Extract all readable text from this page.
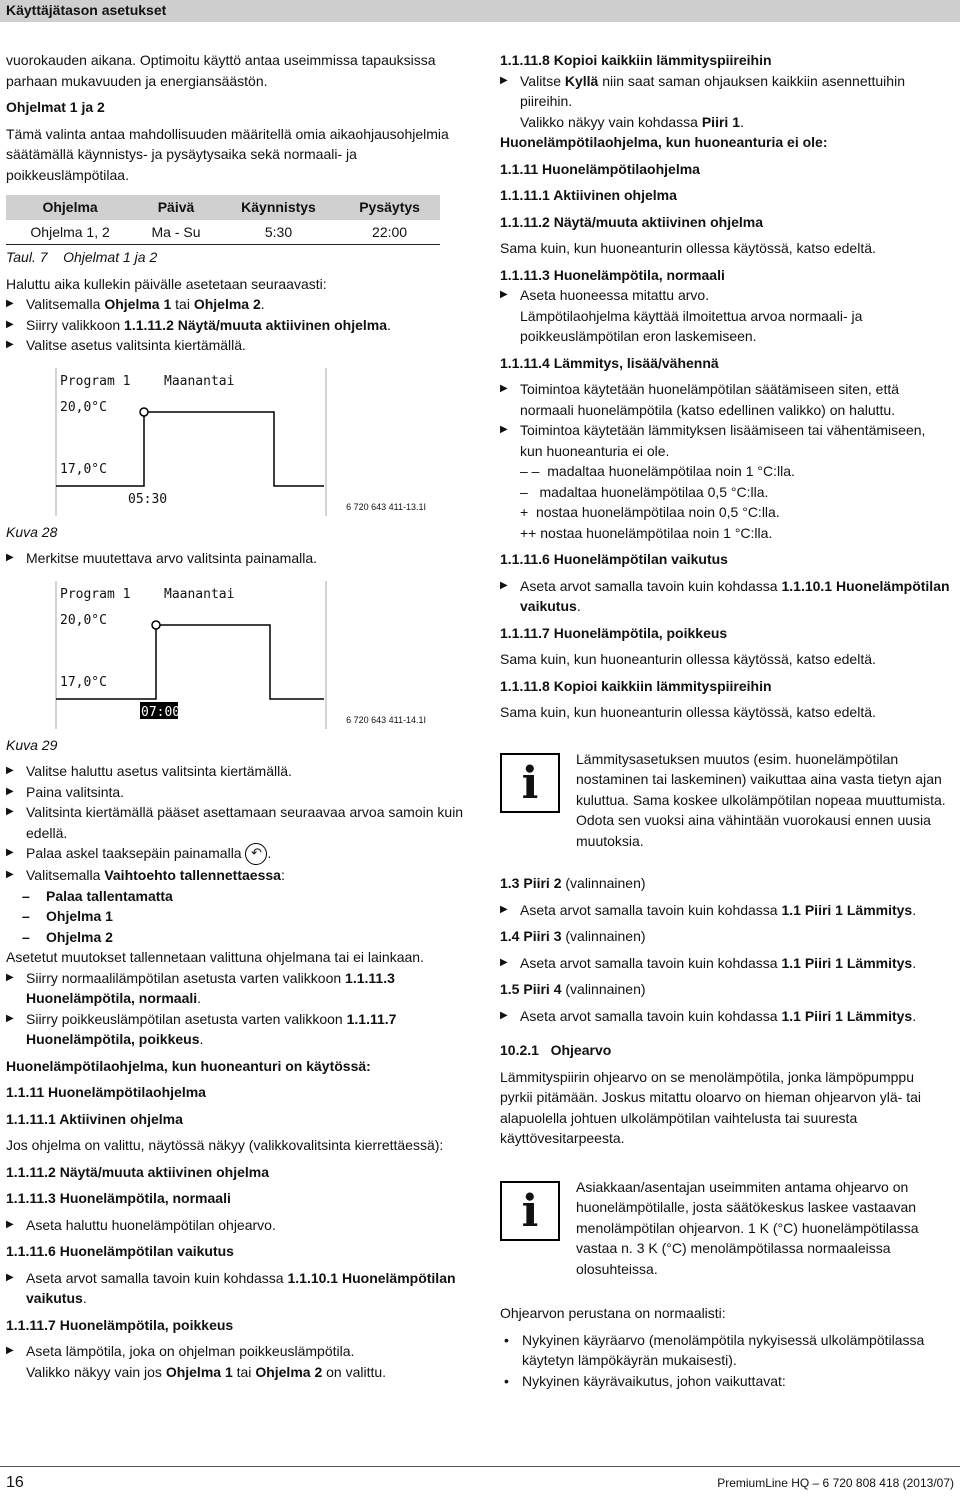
Käyttäjätason asetukset

vuorokauden aikana. Optimoitu käyttö antaa useimmissa tapauksissa parhaan mukavuuden ja energiansäästön.

Ohjelmat 1 ja 2

Tämä valinta antaa mahdollisuuden määritellä omia aikaohjausohjelmia säätämällä käynnistys- ja pysäytysaika sekä normaali- ja poikkeuslämpötilaa.

Ohjelma	Päivä	Käynnistys	Pysäytys
Ohjelma 1, 2	Ma - Su	5:30	22:00

Taul. 7    Ohjelmat 1 ja 2

Haluttu aika kullekin päivälle asetetaan seuraavasti:

▶ Valitsemalla Ohjelma 1 tai Ohjelma 2.

▶ Siirry valikkoon 1.1.11.2 Näytä/muuta aktiivinen ohjelma.

▶ Valitse asetus valitsinta kiertämällä.

Program 1	Maanantai
20,0°C
17,0°C
05:30
6 720 643 411-13.1I

Kuva 28

▶ Merkitse muutettava arvo valitsinta painamalla.

Program 1	Maanantai
20,0°C
17,0°C
07:00
6 720 643 411-14.1I

Kuva 29

▶ Valitse haluttu asetus valitsinta kiertämällä.

▶ Paina valitsinta.

▶ Valitsinta kiertämällä pääset asettamaan seuraavaa arvoa samoin kuin edellä.

▶ Palaa askel taaksepäin painamalla ↶ .

▶ Valitsemalla Vaihtoehto tallennettaessa:

– Palaa tallentamatta

– Ohjelma 1

– Ohjelma 2

Asetetut muutokset tallennetaan valittuna ohjelmana tai ei lainkaan.

▶ Siirry normaalilämpötilan asetusta varten valikkoon 1.1.11.3 Huonelämpötila, normaali.

▶ Siirry poikkeuslämpötilan asetusta varten valikkoon 1.1.11.7 Huonelämpötila, poikkeus.

Huonelämpötilaohjelma, kun huoneanturi on käytössä:

1.1.11 Huonelämpötilaohjelma

1.1.11.1 Aktiivinen ohjelma

Jos ohjelma on valittu, näytössä näkyy (valikkovalitsinta kierrettäessä):

1.1.11.2 Näytä/muuta aktiivinen ohjelma

1.1.11.3 Huonelämpötila, normaali

▶ Aseta haluttu huonelämpötilan ohjearvo.

1.1.11.6 Huonelämpötilan vaikutus

▶ Aseta arvot samalla tavoin kuin kohdassa 1.1.10.1 Huonelämpötilan vaikutus.

1.1.11.7 Huonelämpötila, poikkeus

▶ Aseta lämpötila, joka on ohjelman poikkeuslämpötila.

Valikko näkyy vain jos Ohjelma 1 tai Ohjelma 2 on valittu.

1.1.11.8 Kopioi kaikkiin lämmityspiireihin

▶ Valitse Kyllä niin saat saman ohjauksen kaikkiin asennettuihin piireihin.

Valikko näkyy vain kohdassa Piiri 1.

Huonelämpötilaohjelma, kun huoneanturia ei ole:

1.1.11 Huonelämpötilaohjelma

1.1.11.1 Aktiivinen ohjelma

1.1.11.2 Näytä/muuta aktiivinen ohjelma

Sama kuin, kun huoneanturin ollessa käytössä, katso edeltä.

1.1.11.3 Huonelämpötila, normaali

▶ Aseta huoneessa mitattu arvo.

Lämpötilaohjelma käyttää ilmoitettua arvoa normaali- ja poikkeuslämpötilan eron laskemiseen.

1.1.11.4 Lämmitys, lisää/vähennä

▶ Toimintoa käytetään huonelämpötilan säätämiseen siten, että normaali huonelämpötila (katso edellinen valikko) on haluttu.

▶ Toimintoa käytetään lämmityksen lisäämiseen tai vähentämiseen, kun huoneanturia ei ole.

– –  madaltaa huonelämpötilaa noin 1 °C:lla.

–   madaltaa huonelämpötilaa 0,5 °C:lla.

+  nostaa huonelämpötilaa noin 0,5 °C:lla.

++ nostaa huonelämpötilaa noin 1 °C:lla.

1.1.11.6 Huonelämpötilan vaikutus

▶ Aseta arvot samalla tavoin kuin kohdassa 1.1.10.1 Huonelämpötilan vaikutus.

1.1.11.7 Huonelämpötila, poikkeus

Sama kuin, kun huoneanturin ollessa käytössä, katso edeltä.

1.1.11.8 Kopioi kaikkiin lämmityspiireihin

Sama kuin, kun huoneanturin ollessa käytössä, katso edeltä.

i	Lämmitysasetuksen muutos (esim. huonelämpötilan nostaminen tai laskeminen) vaikuttaa aina vasta tietyn ajan kuluttua. Sama koskee ulkolämpötilan nopeaa muuttumista. Odota sen vuoksi aina vähintään vuorokausi ennen uusia muutoksia.

1.3 Piiri 2 (valinnainen)

▶ Aseta arvot samalla tavoin kuin kohdassa 1.1 Piiri 1 Lämmitys.

1.4 Piiri 3 (valinnainen)

▶ Aseta arvot samalla tavoin kuin kohdassa 1.1 Piiri 1 Lämmitys.

1.5 Piiri 4 (valinnainen)

▶ Aseta arvot samalla tavoin kuin kohdassa 1.1 Piiri 1 Lämmitys.

10.2.1   Ohjearvo

Lämmityspiirin ohjearvo on se menolämpötila, jonka lämpöpumppu pyrkii pitämään. Joskus mitattu oloarvo on hieman ohjearvon ylä- tai alapuolella johtuen ulkolämpötilan vaihtelusta tai suuresta käyttövesitarpeesta.

i	Asiakkaan/asentajan useimmiten antama ohjearvo on huonelämpötilalle, josta säätökeskus laskee vastaavan menolämpötilan ohjearvon. 1 K (°C) huonelämpötilassa vastaa n. 3 K (°C) menolämpötilassa normaaleissa olosuhteissa.

Ohjearvon perustana on normaalisti:

• Nykyinen käyräarvo (menolämpötila nykyisessä ulkolämpötilassa käytetyn lämpökäyrän mukaisesti).

• Nykyinen käyrävaikutus, johon vaikuttavat:

16	PremiumLine HQ – 6 720 808 418 (2013/07)
